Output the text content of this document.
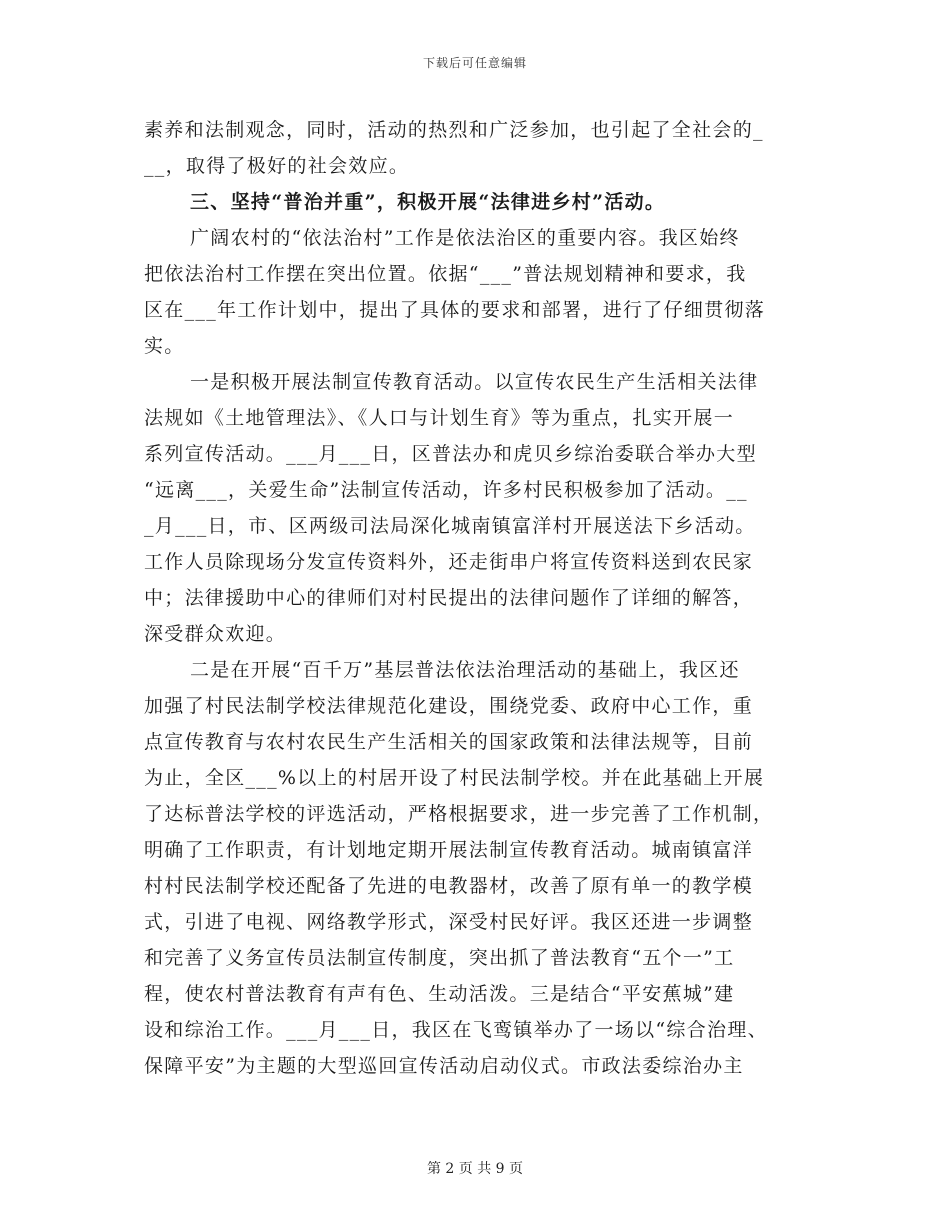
下载后可任意编辑
素养和法制观念，同时，活动的热烈和广泛参加，也引起了全社会的_
__，取得了极好的社会效应。
三、坚持“普治并重”，积极开展“法律进乡村”活动。
广阔农村的“依法治村”工作是依法治区的重要内容。我区始终
把依法治村工作摆在突出位置。依据“___”普法规划精神和要求，我
区在___年工作计划中，提出了具体的要求和部署，进行了仔细贯彻落
实。
一是积极开展法制宣传教育活动。以宣传农民生产生活相关法律
法规如《土地管理法》、《人口与计划生育》等为重点，扎实开展一
系列宣传活动。___月___日，区普法办和虎贝乡综治委联合举办大型
“远离___，关爱生命”法制宣传活动，许多村民积极参加了活动。__
_月___日，市、区两级司法局深化城南镇富洋村开展送法下乡活动。
工作人员除现场分发宣传资料外，还走街串户将宣传资料送到农民家
中；法律援助中心的律师们对村民提出的法律问题作了详细的解答，
深受群众欢迎。
二是在开展“百千万”基层普法依法治理活动的基础上，我区还
加强了村民法制学校法律规范化建设，围绕党委、政府中心工作，重
点宣传教育与农村农民生产生活相关的国家政策和法律法规等，目前
为止，全区___%以上的村居开设了村民法制学校。并在此基础上开展
了达标普法学校的评选活动，严格根据要求，进一步完善了工作机制，
明确了工作职责，有计划地定期开展法制宣传教育活动。城南镇富洋
村村民法制学校还配备了先进的电教器材，改善了原有单一的教学模
式，引进了电视、网络教学形式，深受村民好评。我区还进一步调整
和完善了义务宣传员法制宣传制度，突出抓了普法教育“五个一”工
程，使农村普法教育有声有色、生动活泼。三是结合“平安蕉城”建
设和综治工作。___月___日，我区在飞鸾镇举办了一场以“综合治理、
保障平安”为主题的大型巡回宣传活动启动仪式。市政法委综治办主
第 2 页 共 9 页
